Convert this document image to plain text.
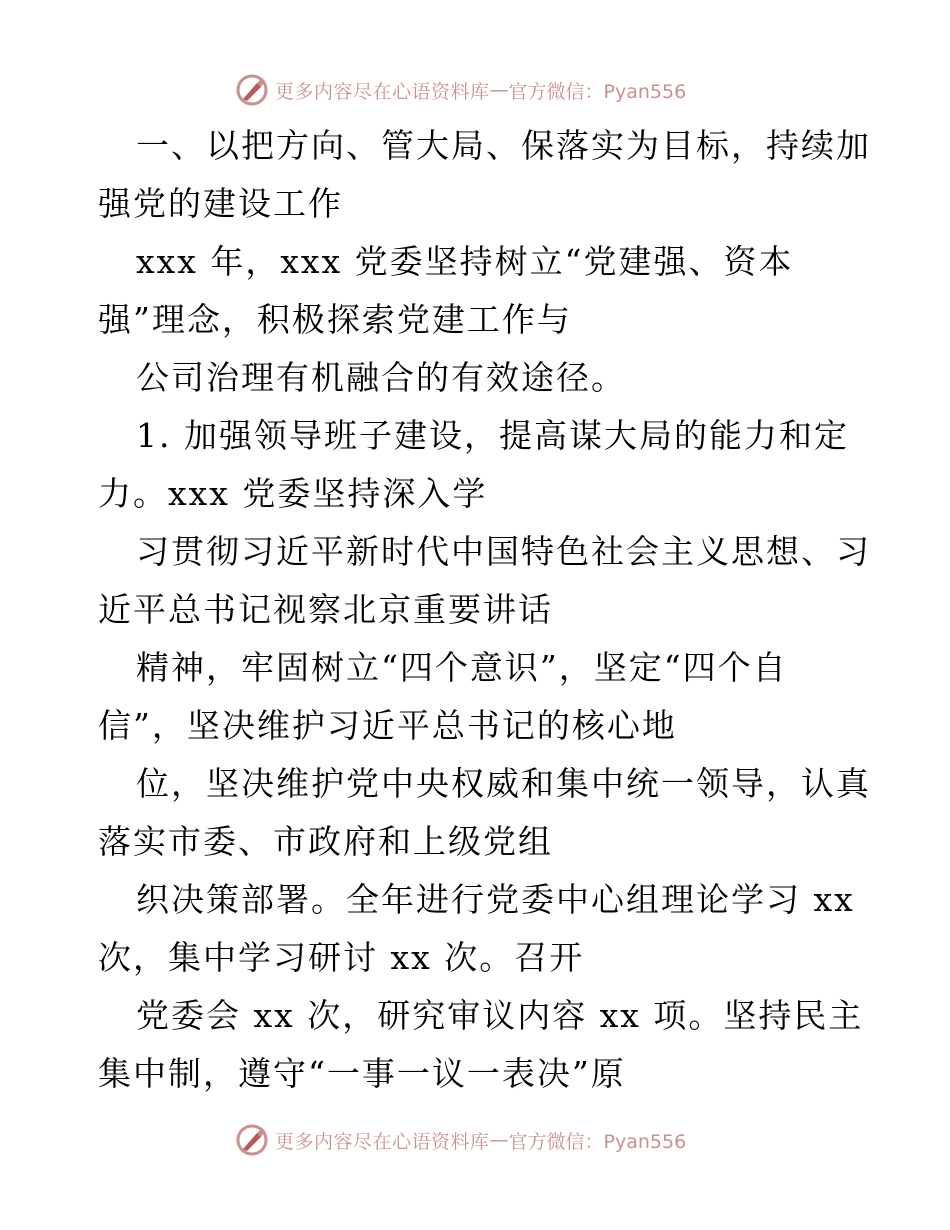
更多内容尽在心语资料库 — 官方微信：Pyan556
一、以把方向、管大局、保落实为目标，持续加
强党的建设工作
xxx 年，xxx 党委坚持树立“党建强、资本
强”理念，积极探索党建工作与
公司治理有机融合的有效途径。
1. 加强领导班子建设，提高谋大局的能力和定
力。xxx 党委坚持深入学
习贯彻习近平新时代中国特色社会主义思想、习
近平总书记视察北京重要讲话
精神，牢固树立“四个意识”，坚定“四个自
信”，坚决维护习近平总书记的核心地
位，坚决维护党中央权威和集中统一领导，认真
落实市委、市政府和上级党组
织决策部署。全年进行党委中心组理论学习 xx
次，集中学习研讨 xx 次。召开
党委会 xx 次，研究审议内容 xx 项。坚持民主
集中制，遵守“一事一议一表决”原
更多内容尽在心语资料库 — 官方微信：Pyan556
